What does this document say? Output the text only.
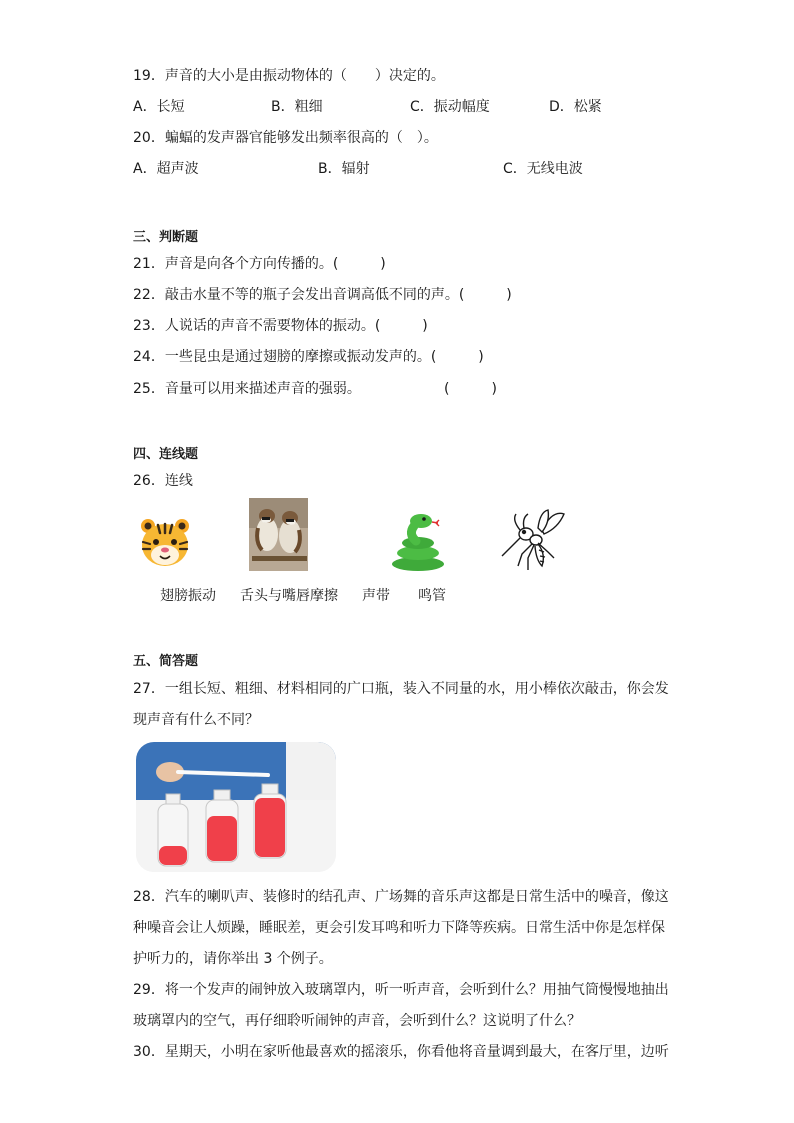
19．声音的大小是由振动物体的（　　）决定的。
A．长短	B．粗细	C．振动幅度	D．松紧
20．蝙蝠的发声器官能够发出频率很高的（　）。
A．超声波	B．辐射	C．无线电波
三、判断题
21．声音是向各个方向传播的。(　　　)
22．敲击水量不等的瓶子会发出音调高低不同的声。(　　　)
23．人说话的声音不需要物体的振动。(　　　)
24．一些昆虫是通过翅膀的摩擦或振动发声的。(　　　)
25．音量可以用来描述声音的强弱。	(　　　)
四、连线题
26．连线
翅膀振动 舌头与嘴唇摩擦 声带 鸣管
五、简答题
27．一组长短、粗细、材料相同的广口瓶，装入不同量的水，用小棒依次敲击，你会发
现声音有什么不同？
28．汽车的喇叭声、装修时的结孔声、广场舞的音乐声这都是日常生活中的噪音，像这
种噪音会让人烦躁，睡眠差，更会引发耳鸣和听力下降等疾病。日常生活中你是怎样保
护听力的，请你举出 3 个例子。
29．将一个发声的闹钟放入玻璃罩内，听一听声音，会听到什么？用抽气筒慢慢地抽出
玻璃罩内的空气，再仔细聆听闹钟的声音，会听到什么？这说明了什么？
30．星期天，小明在家听他最喜欢的摇滚乐，你看他将音量调到最大，在客厅里，边听
